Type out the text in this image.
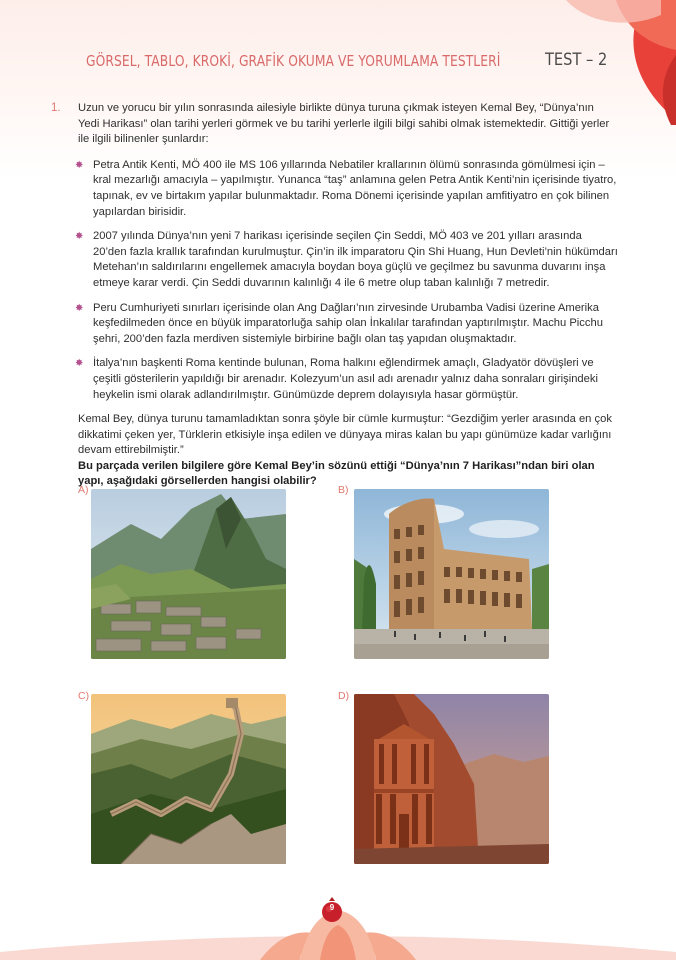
GÖRSEL, TABLO, KROKİ, GRAFİK OKUMA VE YORUMLAMA TESTLERİ	TEST – 2
1. Uzun ve yorucu bir yılın sonrasında ailesiyle birlikte dünya turuna çıkmak isteyen Kemal Bey, “Dünya’nın Yedi Harikası” olan tarihi yerleri görmek ve bu tarihi yerlerle ilgili bilgi sahibi olmak istemektedir. Gittiği yerler ile ilgili bilinenler şunlardır:

✸ Petra Antik Kenti, MÖ 400 ile MS 106 yıllarında Nebatiler krallarının ölümü sonrasında gömülmesi için – kral mezarlığı amacıyla – yapılmıştır. Yunanca “taş” anlamına gelen Petra Antik Kenti’nin içerisinde tiyatro, tapınak, ev ve birtakım yapılar bulunmaktadır. Roma Dönemi içerisinde yapılan amfitiyatro en çok bilinen yapılardan birisidir.
✸ 2007 yılında Dünya’nın yeni 7 harikası içerisinde seçilen Çin Seddi, MÖ 403 ve 201 yılları arasında 20’den fazla krallık tarafından kurulmuştur. Çin’in ilk imparatoru Qin Shi Huang, Hun Devleti’nin hükümdarı Metehan’ın saldırılarını engellemek amacıyla boydan boya güçlü ve geçilmez bu savunma duvarını inşa etmeye karar verdi. Çin Seddi duvarının kalınlığı 4 ile 6 metre olup taban kalınlığı 7 metredir.
✸ Peru Cumhuriyeti sınırları içerisinde olan Ang Dağları’nın zirvesinde Urubamba Vadisi üzerine Amerika keşfedilmeden önce en büyük imparatorluğa sahip olan İnkalılar tarafından yaptırılmıştır. Machu Picchu şehri, 200’den fazla merdiven sistemiyle birbirine bağlı olan taş yapıdan oluşmaktadır.
✸ İtalya’nın başkenti Roma kentinde bulunan, Roma halkını eğlendirmek amaçlı, Gladyatör dövüşleri ve çeşitli gösterilerin yapıldığı bir arenadır. Kolezyum’un asıl adı arenadır yalnız daha sonraları girişindeki heykelin ismi olarak adlandırılmıştır. Günümüzde deprem dolayısıyla hasar görmüştür.

Kemal Bey, dünya turunu tamamladıktan sonra şöyle bir cümle kurmuştur: “Gezdiğim yerler arasında en çok dikkatimi çeken yer, Türklerin etkisiyle inşa edilen ve dünyaya miras kalan bu yapı günümüze kadar varlığını devam ettirebilmiştir.”

Bu parçada verilen bilgilere göre Kemal Bey’in sözünü ettiği “Dünya’nın 7 Harikası”ndan biri olan yapı, aşağıdaki görsellerden hangisi olabilir?

A)	B)
C)	D)
9
